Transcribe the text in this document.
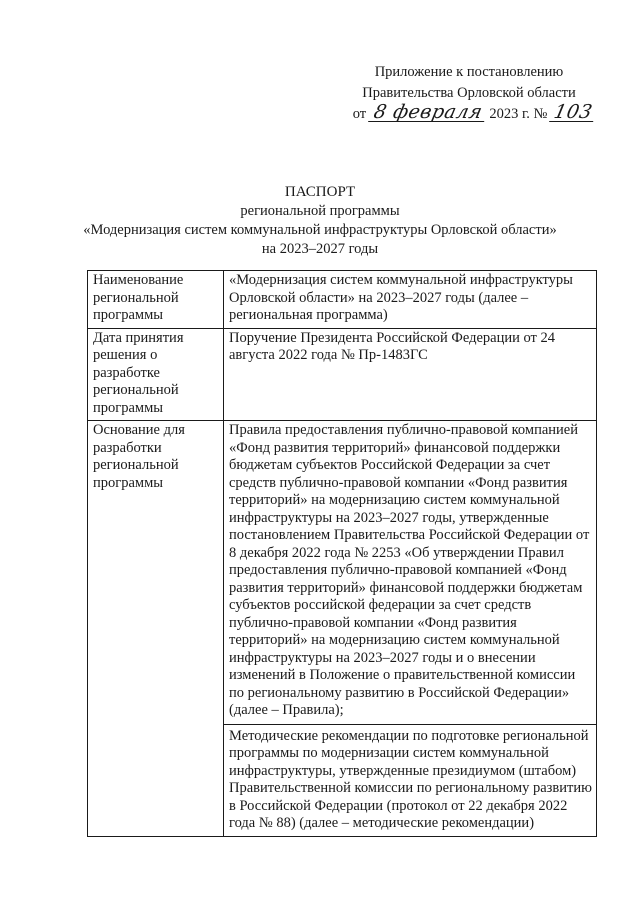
Приложение к постановлению
Правительства Орловской области
от 8 февраля 2023 г. № 103
ПАСПОРТ
региональной программы
«Модернизация систем коммунальной инфраструктуры Орловской области»
на 2023–2027 годы
Наименование региональной программы	«Модернизация систем коммунальной инфраструктуры Орловской области» на 2023–2027 годы (далее – региональная программа)

Дата принятия решения о разработке региональной программы	Поручение Президента Российской Федерации от 24 августа 2022 года № Пр-1483ГС

Основание для разработки региональной программы	Правила предоставления публично-правовой компанией «Фонд развития территорий» финансовой поддержки бюджетам субъектов Российской Федерации за счет средств публично-правовой компании «Фонд развития территорий» на модернизацию систем коммунальной инфраструктуры на 2023–2027 годы, утвержденные постановлением Правительства Российской Федерации от 8 декабря 2022 года № 2253 «Об утверждении Правил предоставления публично-правовой компанией «Фонд развития территорий» финансовой поддержки бюджетам субъектов российской федерации за счет средств публично-правовой компании «Фонд развития территорий» на модернизацию систем коммунальной инфраструктуры на 2023–2027 годы и о внесении изменений в Положение о правительственной комиссии по региональному развитию в Российской Федерации» (далее – Правила);
Методические рекомендации по подготовке региональной программы по модернизации систем коммунальной инфраструктуры, утвержденные президиумом (штабом) Правительственной комиссии по региональному развитию в Российской Федерации (протокол от 22 декабря 2022 года № 88) (далее – методические рекомендации)
